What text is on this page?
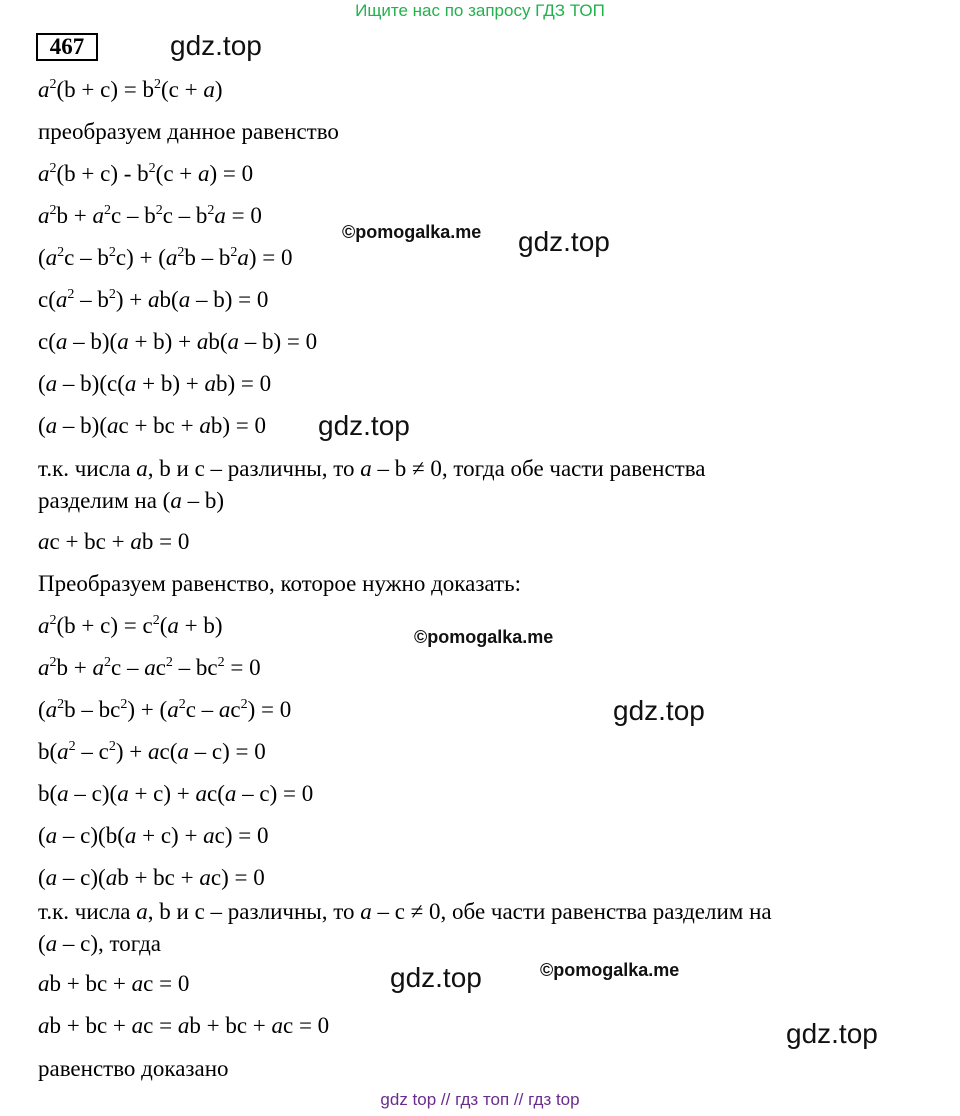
Ищите нас по запросу ГДЗ ТОП
467	gdz.top
gdz.top
gdz.top
gdz.top
gdz.top
gdz.top
©pomogalka.me
©pomogalka.me
©pomogalka.me
$a^2(b + c) = b^2(c + a)$
преобразуем данное равенство
$a^2(b + c) - b^2(c + a) = 0$
$a^2b + a^2c - b^2c - b^2a = 0$
$(a^2c - b^2c) + (a^2b - b^2a) = 0$
$c(a^2 - b^2) + ab(a - b) = 0$
c(a – b)(a + b) + ab(a – b) = 0
(a – b)(c(a + b) + ab) = 0
(a – b)(ac + bc + ab) = 0
т.к. числа a, b и c – различны, то a – b ≠ 0, тогда обе части равенства
разделим на (a – b)
ac + bc + ab = 0
Преобразуем равенство, которое нужно доказать:
$a^2(b + c) = c^2(a + b)$
$a^2b + a^2c - ac^2 - bc^2 = 0$
$(a^2b - bc^2) + (a^2c - ac^2) = 0$
$b(a^2 - c^2) + ac(a - c) = 0$
b(a – c)(a + c) + ac(a – c) = 0
(a – c)(b(a + c) + ac) = 0
(a – c)(ab + bc + ac) = 0
т.к. числа a, b и c – различны, то a – c ≠ 0, обе части равенства разделим на
(a – c), тогда
ab + bc + ac = 0
ab + bc + ac = ab + bc + ac = 0
равенство доказано
gdz top // гдз топ // гдз top
